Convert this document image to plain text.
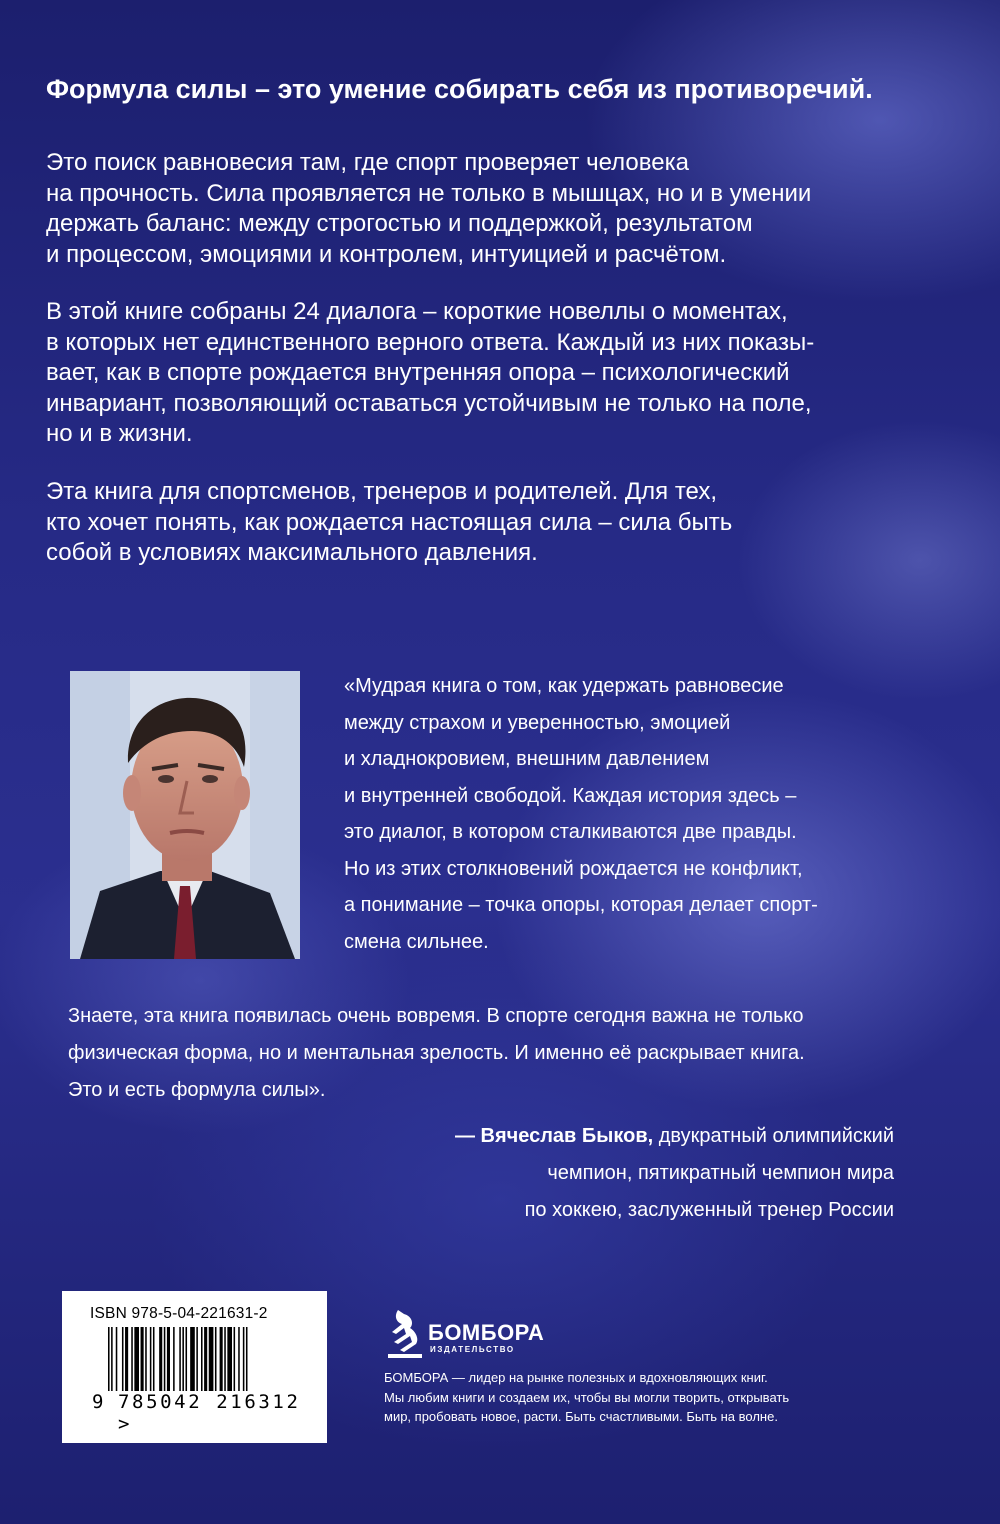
Формула силы – это умение собирать себя из противоречий.

Это поиск равновесия там, где спорт проверяет человека
на прочность. Сила проявляется не только в мышцах, но и в умении
держать баланс: между строгостью и поддержкой, результатом
и процессом, эмоциями и контролем, интуицией и расчётом.

В этой книге собраны 24 диалога – короткие новеллы о моментах,
в которых нет единственного верного ответа. Каждый из них показы-
вает, как в спорте рождается внутренняя опора – психологический
инвариант, позволяющий оставаться устойчивым не только на поле,
но и в жизни.

Эта книга для спортсменов, тренеров и родителей. Для тех,
кто хочет понять, как рождается настоящая сила – сила быть
собой в условиях максимального давления.

«Мудрая книга о том, как удержать равновесие
между страхом и уверенностью, эмоцией
и хладнокровием, внешним давлением
и внутренней свободой. Каждая история здесь –
это диалог, в котором сталкиваются две правды.
Но из этих столкновений рождается не конфликт,
а понимание – точка опоры, которая делает спорт-
смена сильнее.

Знаете, эта книга появилась очень вовремя. В спорте сегодня важна не только
физическая форма, но и ментальная зрелость. И именно её раскрывает книга.
Это и есть формула силы».

— Вячеслав Быков, двукратный олимпийский
чемпион, пятикратный чемпион мира
по хоккею, заслуженный тренер России
ISBN 978-5-04-221631-2
9 785042 216312 >
БОМБОРА
ИЗДАТЕЛЬСТВО

БОМБОРА — лидер на рынке полезных и вдохновляющих книг.
Мы любим книги и создаем их, чтобы вы могли творить, открывать
мир, пробовать новое, расти. Быть счастливыми. Быть на волне.
